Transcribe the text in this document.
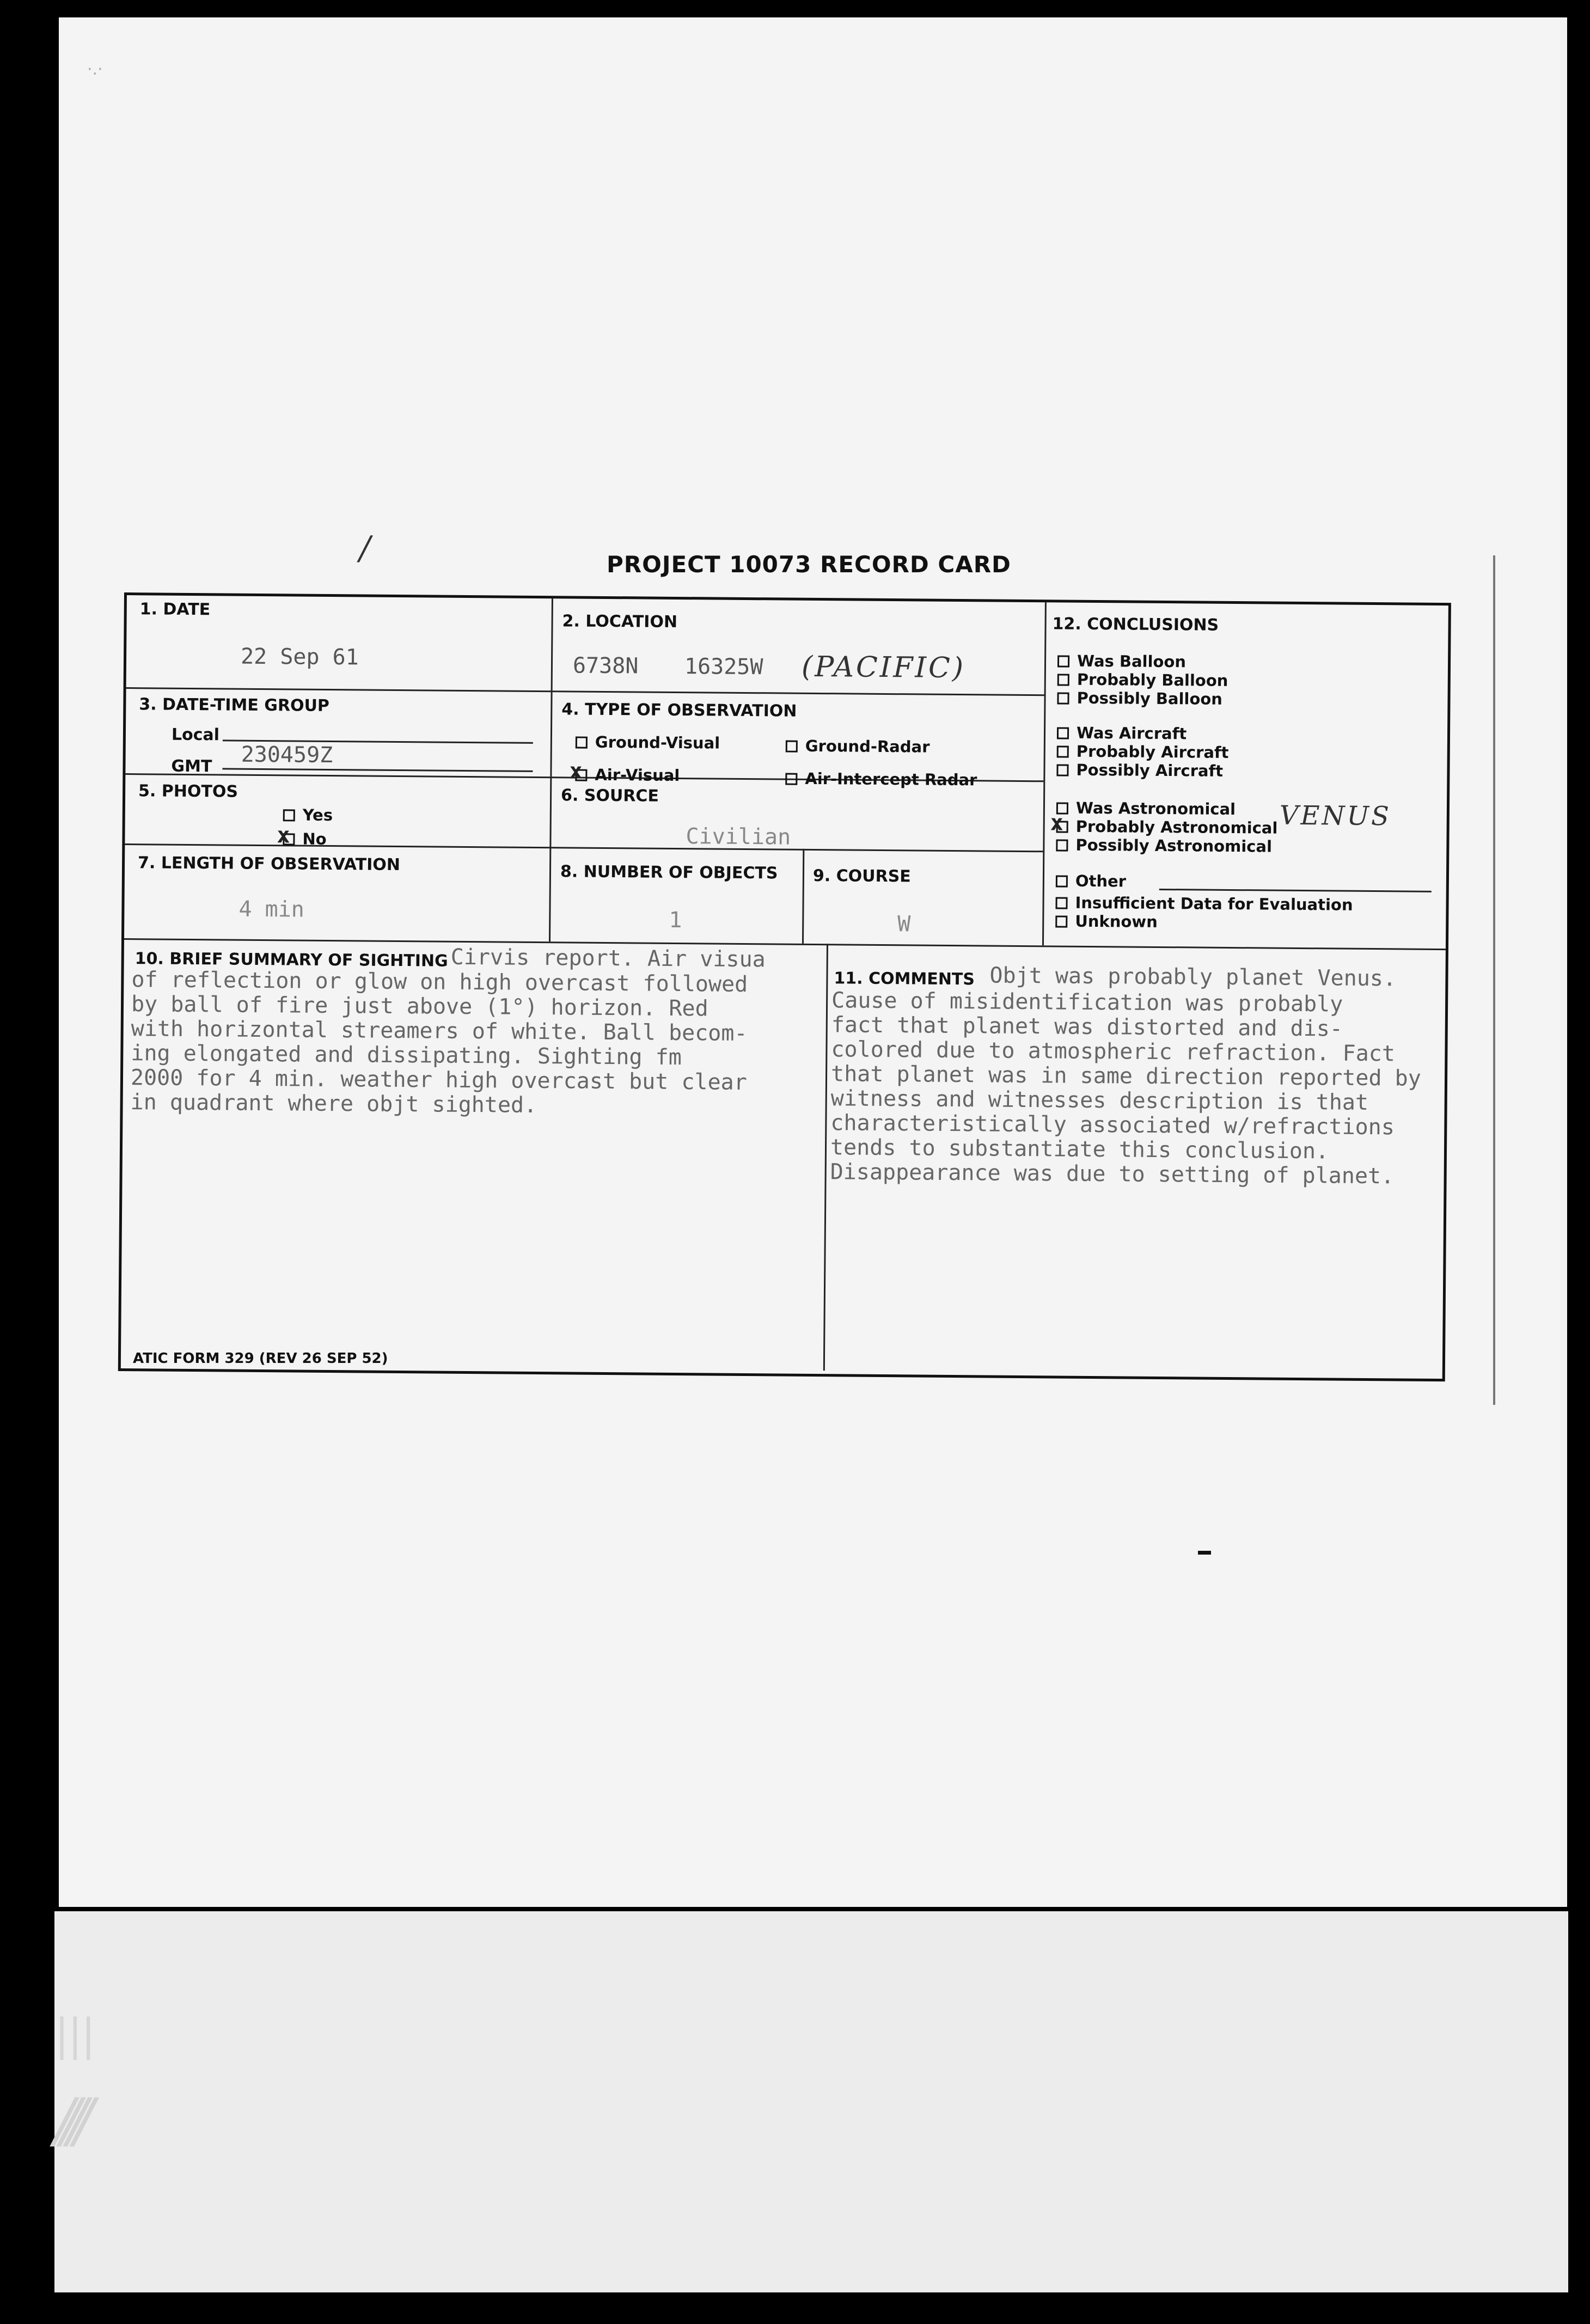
| | |
/ / / /
·.·
/	PROJECT 10073 RECORD CARD
1. DATE
22 Sep 61
2. LOCATION
6738N 16325W (PACIFIC)
3. DATE-TIME GROUP
Local
GMT 230459Z
4. TYPE OF OBSERVATION
Ground-Visual	Ground-Radar
xAir-Visual	Air-Intercept Radar
5. PHOTOS
Yes
xNo
6. SOURCE
Civilian
7. LENGTH OF OBSERVATION
4 min
8. NUMBER OF OBJECTS
1
9. COURSE
W
12. CONCLUSIONS
VENUS
Was Balloon
Probably Balloon
Possibly Balloon
Was Aircraft
Probably Aircraft
Possibly Aircraft
Was Astronomical
xProbably Astronomical
Possibly Astronomical
Other
Insufficient Data for Evaluation
Unknown
10. BRIEF SUMMARY OF SIGHTING Cirvis report. Air visua
of reflection or glow on high overcast followed
by ball of fire just above (1°) horizon. Red
with horizontal streamers of white. Ball becom-
ing elongated and dissipating. Sighting fm
2000 for 4 min. weather high overcast but clear
in quadrant where objt sighted.
11. COMMENTS Objt was probably planet Venus.
Cause of misidentification was probably
fact that planet was distorted and dis-
colored due to atmospheric refraction. Fact
that planet was in same direction reported by
witness and witnesses description is that
characteristically associated w/refractions
tends to substantiate this conclusion.
Disappearance was due to setting of planet.
ATIC FORM 329 (REV 26 SEP 52)
